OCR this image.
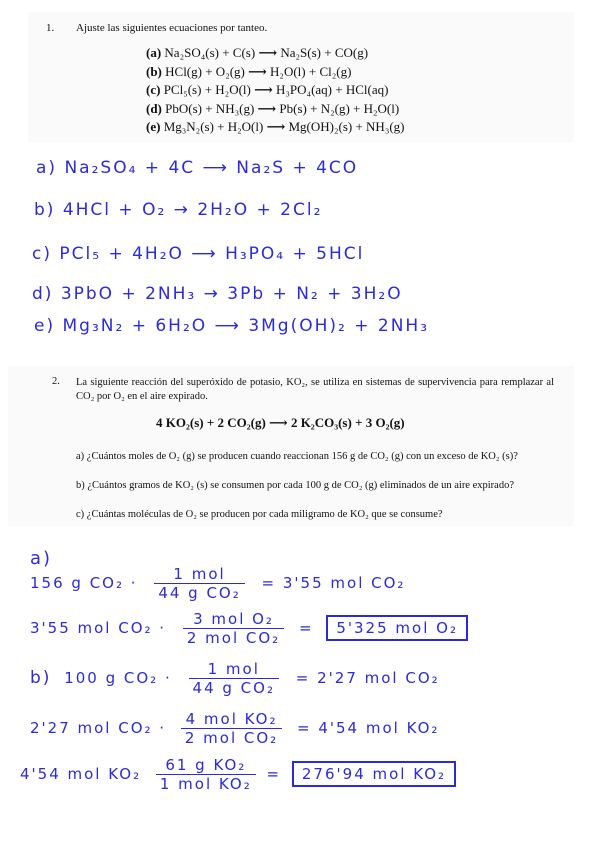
1. Ajuste las siguientes ecuaciones por tanteo.
(a) Na₂SO₄(s) + C(s) ⟶ Na₂S(s) + CO(g)
(b) HCl(g) + O₂(g) ⟶ H₂O(l) + Cl₂(g)
(c) PCl₅(s) + H₂O(l) ⟶ H₃PO₄(aq) + HCl(aq)
(d) PbO(s) + NH₃(g) ⟶ Pb(s) + N₂(g) + H₂O(l)
(e) Mg₃N₂(s) + H₂O(l) ⟶ Mg(OH)₂(s) + NH₃(g)
a) Na₂SO₄ + 4C ⟶ Na₂S + 4CO
b) 4HCl + O₂ → 2H₂O + 2Cl₂
c) PCl₅ + 4H₂O ⟶ H₃PO₄ + 5HCl
d) 3PbO + 2NH₃ → 3Pb + N₂ + 3H₂O
e) Mg₃N₂ + 6H₂O ⟶ 3Mg(OH)₂ + 2NH₃
2. La siguiente reacción del superóxido de potasio, KO₂, se utiliza en sistemas de supervivencia para remplazar al CO₂ por O₂ en el aire expirado.
4 KO₂(s) + 2 CO₂(g) ⟶ 2 K₂CO₃(s) + 3 O₂(g)
a) ¿Cuántos moles de O₂ (g) se producen cuando reaccionan 156 g de CO₂ (g) con un exceso de KO₂ (s)?
b) ¿Cuántos gramos de KO₂ (s) se consumen por cada 100 g de CO₂ (g) eliminados de un aire expirado?
c) ¿Cuántas moléculas de O₂ se producen por cada miligramo de KO₂ que se consume?
a)
156 g $CO_2 \cdot \frac{\text{1 mol}}{\text{44 g CO₂}} = 3'55$ mol CO₂
3'55 mol $CO_2 \cdot \frac{\text{3 mol O₂}}{\text{2 mol CO₂}} = 5'325$ mol O₂
b) 100 g $CO_2 \cdot \frac{\text{1 mol}}{\text{44 g CO₂}} = 2'27$ mol CO₂
2'27 mol $CO_2 \cdot \frac{\text{4 mol KO₂}}{\text{2 mol CO₂}} = 4'54$ mol KO₂
4'54 mol $KO_2 \frac{\text{61 g KO₂}}{\text{1 mol KO₂}} = 276'94$ mol KO₂
